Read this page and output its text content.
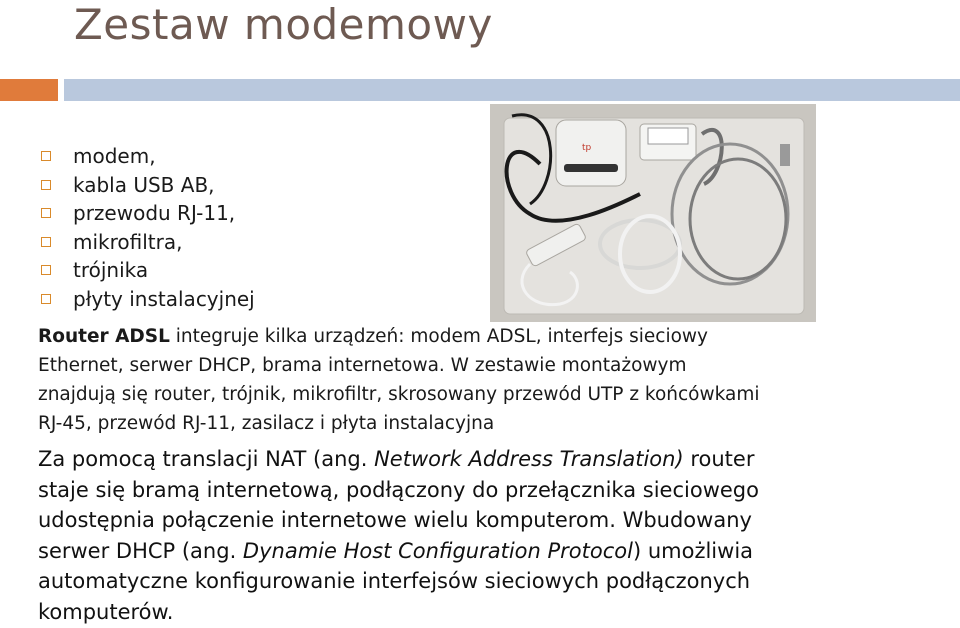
Zestaw modemowy
modem,
kabla USB AB,
przewodu RJ-11,
mikrofiltra,
trójnika
płyty instalacyjnej
tp
Router ADSL integruje kilka urządzeń: modem ADSL, interfejs sieciowy
Ethernet, serwer DHCP, brama internetowa. W zestawie montażowym
znajdują się router, trójnik, mikrofiltr, skrosowany przewód UTP z końcówkami
RJ-45, przewód RJ-11, zasilacz i płyta instalacyjna
Za pomocą translacji NAT (ang. Network Address Translation) router
staje się bramą internetową, podłączony do przełącznika sieciowego
udostępnia połączenie internetowe wielu komputerom. Wbudowany
serwer DHCP (ang. Dynamie Host Configuration Protocol) umożliwia
automatyczne konfigurowanie interfejsów sieciowych podłączonych
komputerów.
